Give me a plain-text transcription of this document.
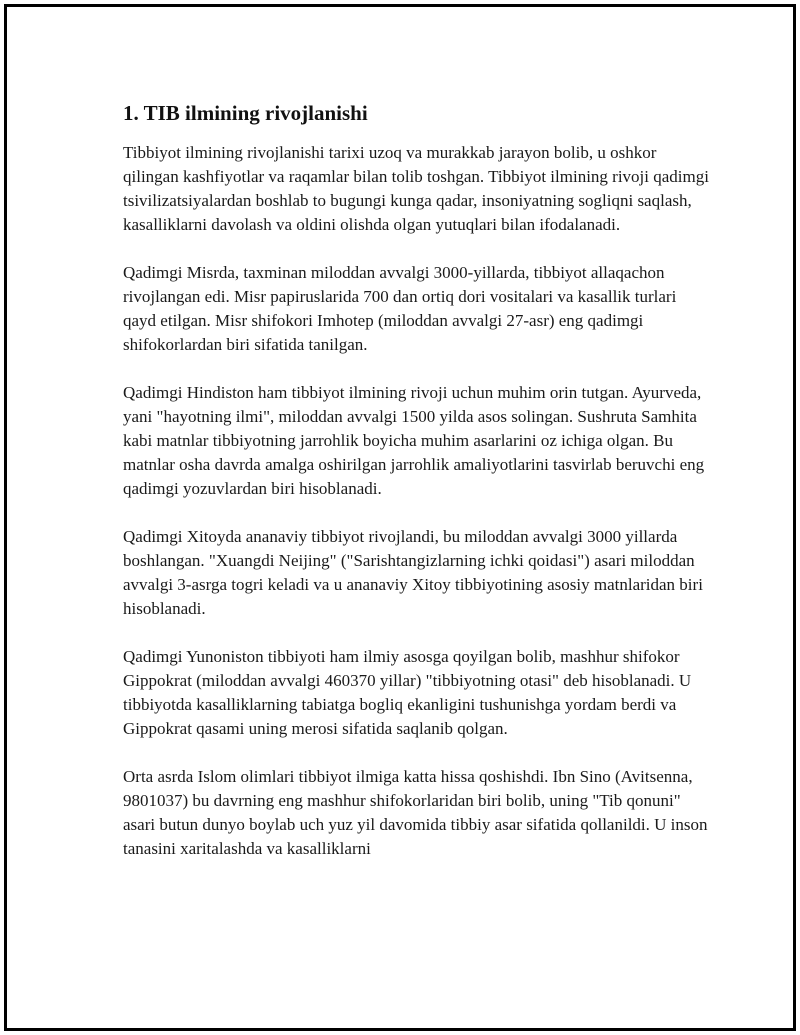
1. TIB ilmining rivojlanishi

Tibbiyot ilmining rivojlanishi tarixi uzoq va murakkab jarayon bolib, u oshkor qilingan kashfiyotlar va raqamlar bilan tolib toshgan. Tibbiyot ilmining rivoji qadimgi tsivilizatsiyalardan boshlab to bugungi kunga qadar, insoniyatning sogliqni saqlash, kasalliklarni davolash va oldini olishda olgan yutuqlari bilan ifodalanadi.

Qadimgi Misrda, taxminan miloddan avvalgi 3000-yillarda, tibbiyot allaqachon rivojlangan edi. Misr papiruslarida 700 dan ortiq dori vositalari va kasallik turlari qayd etilgan. Misr shifokori Imhotep (miloddan avvalgi 27-asr) eng qadimgi shifokorlardan biri sifatida tanilgan.

Qadimgi Hindiston ham tibbiyot ilmining rivoji uchun muhim orin tutgan. Ayurveda, yani "hayotning ilmi", miloddan avvalgi 1500 yilda asos solingan. Sushruta Samhita kabi matnlar tibbiyotning jarrohlik boyicha muhim asarlarini oz ichiga olgan. Bu matnlar osha davrda amalga oshirilgan jarrohlik amaliyotlarini tasvirlab beruvchi eng qadimgi yozuvlardan biri hisoblanadi.

Qadimgi Xitoyda ananaviy tibbiyot rivojlandi, bu miloddan avvalgi 3000 yillarda boshlangan. "Xuangdi Neijing" ("Sarishtangizlarning ichki qoidasi") asari miloddan avvalgi 3-asrga togri keladi va u ananaviy Xitoy tibbiyotining asosiy matnlaridan biri hisoblanadi.

Qadimgi Yunoniston tibbiyoti ham ilmiy asosga qoyilgan bolib, mashhur shifokor Gippokrat (miloddan avvalgi 460370 yillar) "tibbiyotning otasi" deb hisoblanadi. U tibbiyotda kasalliklarning tabiatga bogliq ekanligini tushunishga yordam berdi va Gippokrat qasami uning merosi sifatida saqlanib qolgan.

Orta asrda Islom olimlari tibbiyot ilmiga katta hissa qoshishdi. Ibn Sino (Avitsenna, 9801037) bu davrning eng mashhur shifokorlaridan biri bolib, uning "Tib qonuni" asari butun dunyo boylab uch yuz yil davomida tibbiy asar sifatida qollanildi. U inson tanasini xaritalashda va kasalliklarni
